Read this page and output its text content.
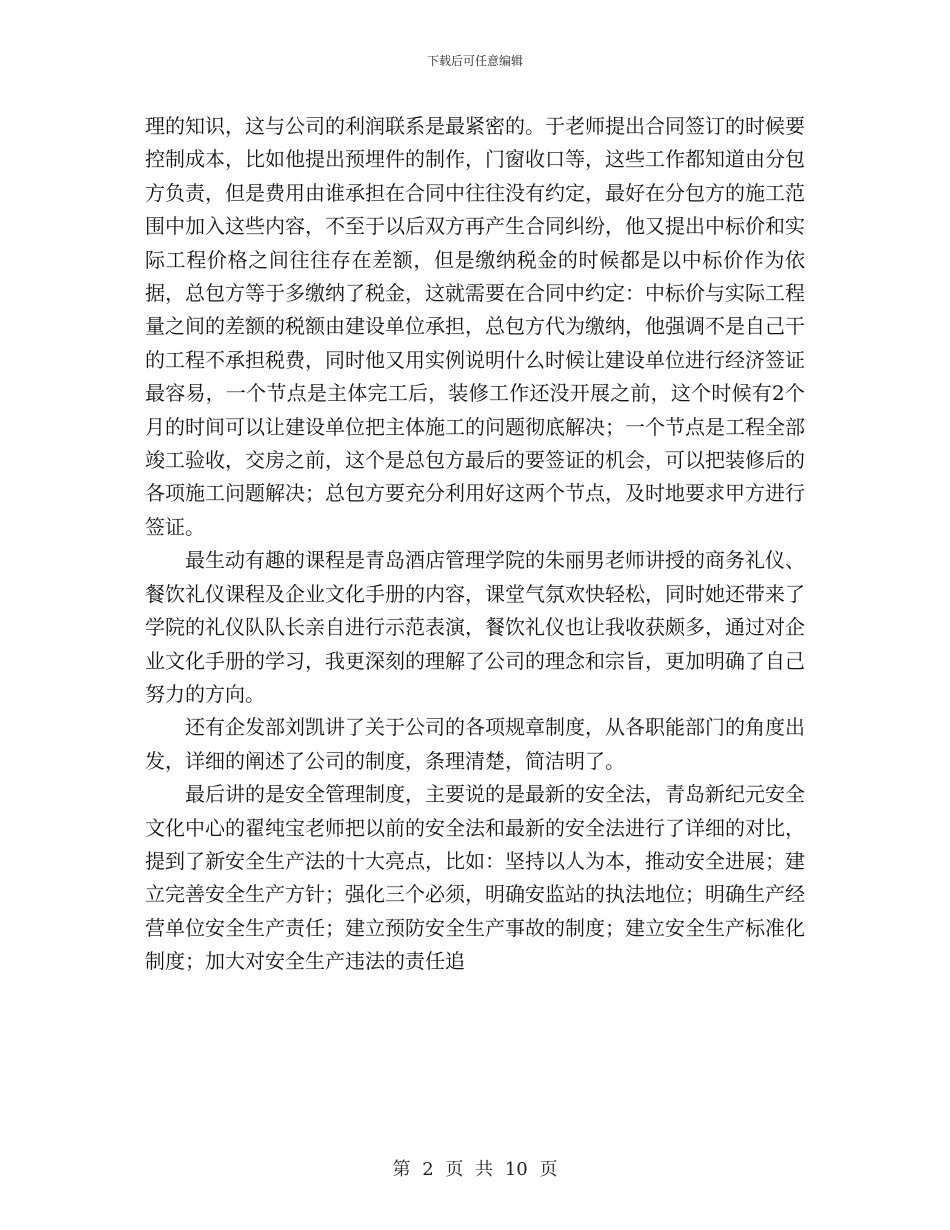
下载后可任意编辑

理的知识，这与公司的利润联系是最紧密的。于老师提出合同签订的时候要控制成本，比如他提出预埋件的制作，门窗收口等，这些工作都知道由分包方负责，但是费用由谁承担在合同中往往没有约定，最好在分包方的施工范围中加入这些内容，不至于以后双方再产生合同纠纷，他又提出中标价和实际工程价格之间往往存在差额，但是缴纳税金的时候都是以中标价作为依据，总包方等于多缴纳了税金，这就需要在合同中约定：中标价与实际工程量之间的差额的税额由建设单位承担，总包方代为缴纳，他强调不是自己干的工程不承担税费，同时他又用实例说明什么时候让建设单位进行经济签证最容易，一个节点是主体完工后，装修工作还没开展之前，这个时候有2个月的时间可以让建设单位把主体施工的问题彻底解决；一个节点是工程全部竣工验收，交房之前，这个是总包方最后的要签证的机会，可以把装修后的各项施工问题解决；总包方要充分利用好这两个节点，及时地要求甲方进行签证。

最生动有趣的课程是青岛酒店管理学院的朱丽男老师讲授的商务礼仪、餐饮礼仪课程及企业文化手册的内容，课堂气氛欢快轻松，同时她还带来了学院的礼仪队队长亲自进行示范表演，餐饮礼仪也让我收获颇多，通过对企业文化手册的学习，我更深刻的理解了公司的理念和宗旨，更加明确了自己努力的方向。

还有企发部刘凯讲了关于公司的各项规章制度，从各职能部门的角度出发，详细的阐述了公司的制度，条理清楚，简洁明了。

最后讲的是安全管理制度，主要说的是最新的安全法，青岛新纪元安全文化中心的翟纯宝老师把以前的安全法和最新的安全法进行了详细的对比，提到了新安全生产法的十大亮点，比如：坚持以人为本，推动安全进展；建立完善安全生产方针；强化三个必须，明确安监站的执法地位；明确生产经营单位安全生产责任；建立预防安全生产事故的制度；建立安全生产标准化制度；加大对安全生产违法的责任追

第 2 页 共 10 页
